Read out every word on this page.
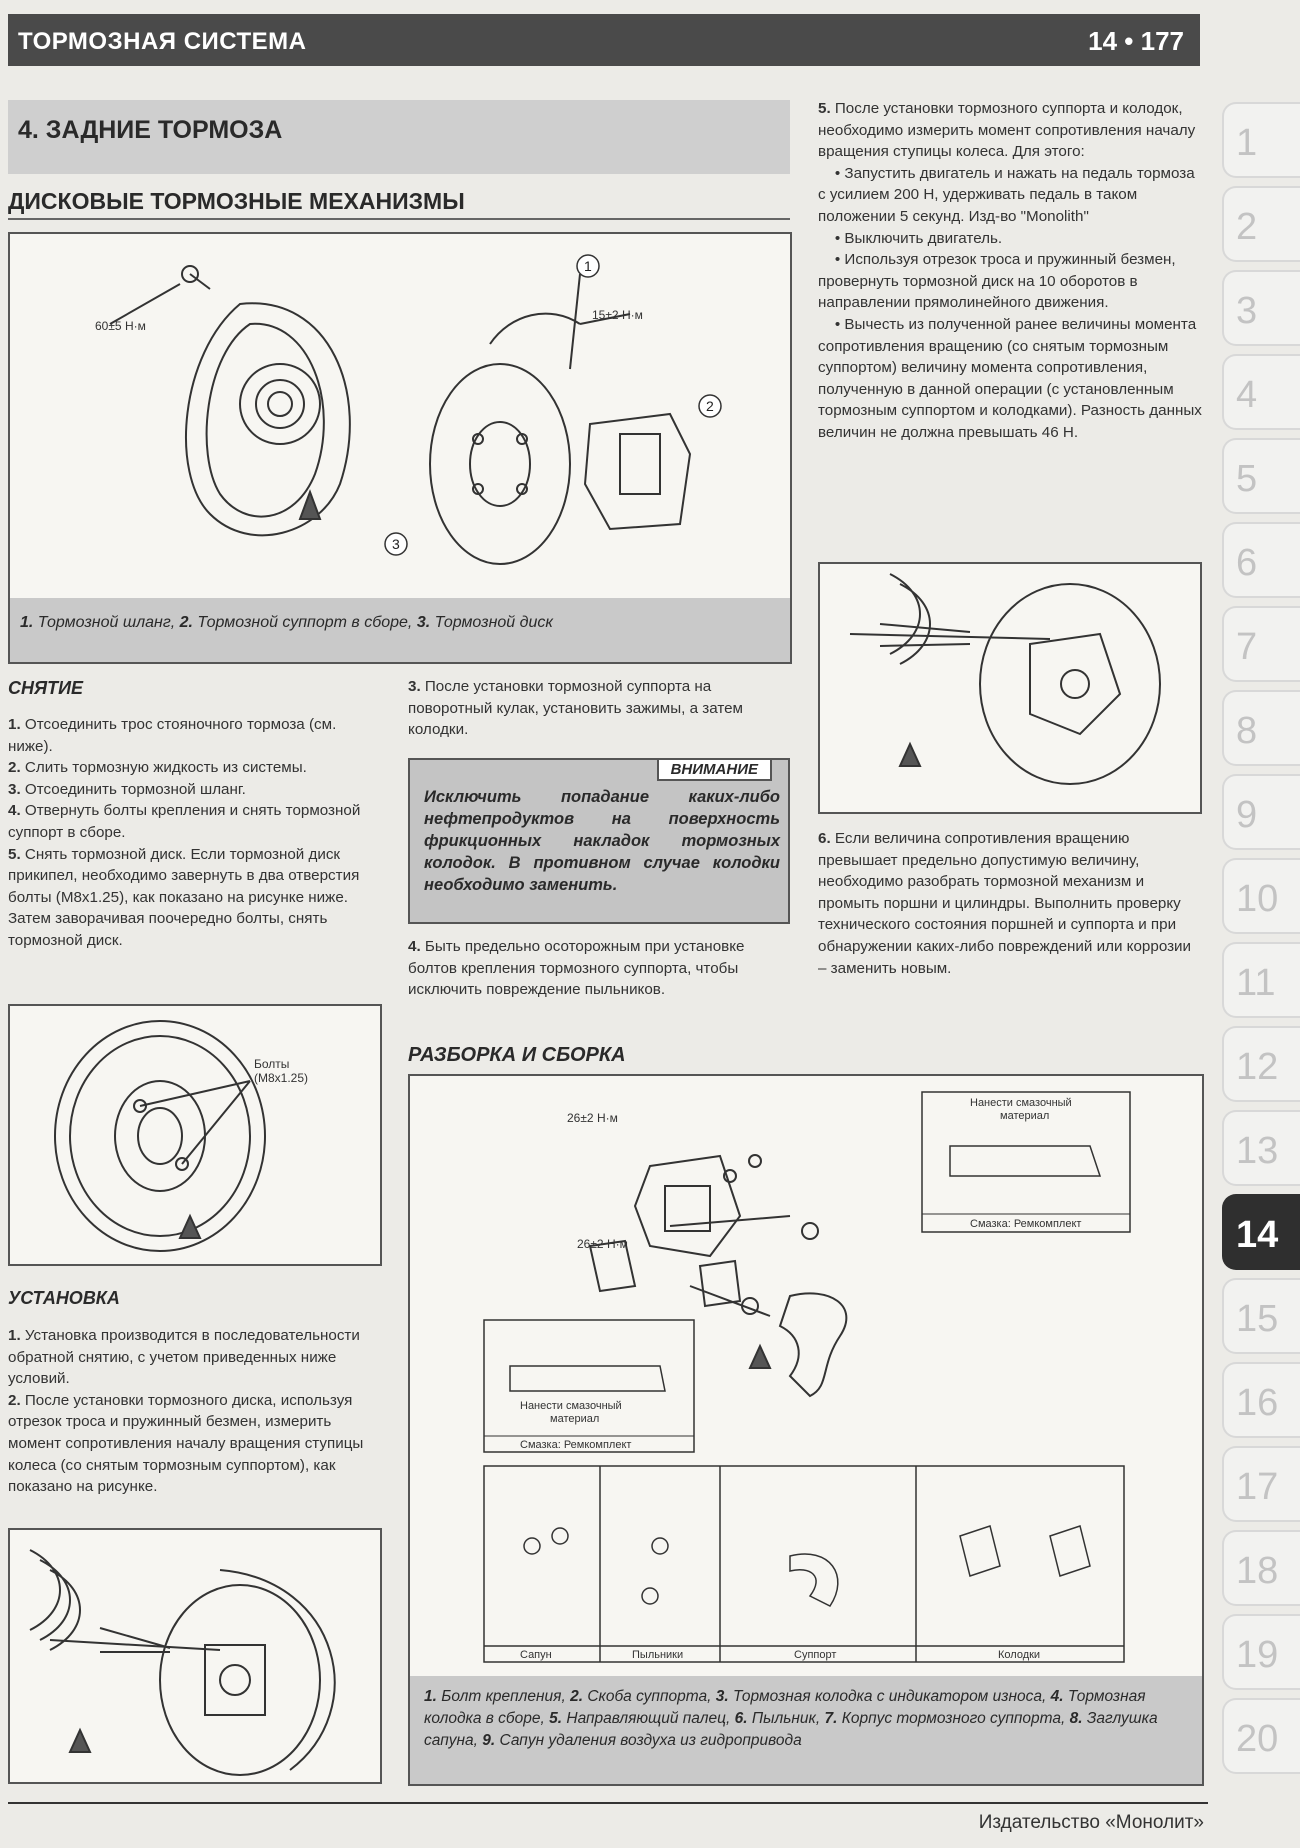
ТОРМОЗНАЯ СИСТЕМА	14 • 177
4. ЗАДНИЕ ТОРМОЗА
ДИСКОВЫЕ ТОРМОЗНЫЕ МЕХАНИЗМЫ
60±5 Н·м
15±2 Н·м
1
2
3
1. Тормозной шланг, 2. Тормозной суппорт в сборе, 3. Тормозной диск
СНЯТИЕ

1. Отсоединить трос стояночного тормоза (см. ниже).

2. Слить тормозную жидкость из системы.

3. Отсоединить тормозной шланг.

4. Отвернуть болты крепления и снять тормозной суппорт в сборе.

5. Снять тормозной диск. Если тормозной диск прикипел, необходимо завернуть в два отверстия болты (M8x1.25), как показано на рисунке ниже. Затем заворачивая поочередно болты, снять тормозной диск.

Болты
(M8x1.25)
УСТАНОВКА

1. Установка производится в последовательности обратной снятию, с учетом приведенных ниже условий.

2. После установки тормозного диска, используя отрезок троса и пружинный безмен, измерить момент сопротивления началу вращения ступицы колеса (со снятым тормозным суппортом), как показано на рисунке.

3. После установки тормозной суппорта на поворотный кулак, установить зажимы, а затем колодки.

ВНИМАНИЕ
Исключить попадание каких-либо нефтепродуктов на поверхность фрикционных накладок тормозных колодок. В противном случае колодки необходимо заменить.

4. Быть предельно осоторожным при установке болтов крепления тормозного суппорта, чтобы исключить повреждение пыльников.

5. После установки тормозного суппорта и колодок, необходимо измерить момент сопротивления началу вращения ступицы колеса. Для этого:

• Запустить двигатель и нажать на педаль тормоза с усилием 200 Н, удерживать педаль в таком положении 5 секунд. Изд-во "Monolith"

• Выключить двигатель.

• Используя отрезок троса и пружинный безмен, провернуть тормозной диск на 10 оборотов в направлении прямолинейного движения.

• Вычесть из полученной ранее величины момента сопротивления вращению (со снятым тормозным суппортом) величину момента сопротивления, полученную в данной операции (с установленным тормозным суппортом и колодками). Разность данных величин не должна превышать 46 Н.

6. Если величина сопротивления вращению превышает предельно допустимую величину, необходимо разобрать тормозной механизм и промыть поршни и цилиндры. Выполнить проверку технического состояния поршней и суппорта и при обнаружении каких-либо повреждений или коррозии – заменить новым.

РАЗБОРКА И СБОРКА
26±2 Н·м
26±2 Н·м
Нанести смазочный
материал
Смазка: Ремкомплект
Нанести смазочный
материал
Смазка: Ремкомплект
Сапун	Пыльники	Суппорт	Колодки
1. Болт крепления, 2. Скоба суппорта, 3. Тормозная колодка с индикатором износа, 4. Тормозная колодка в сборе, 5. Направляющий палец, 6. Пыльник, 7. Корпус тормозного суппорта, 8. Заглушка сапуна, 9. Сапун удаления воздуха из гидропривода
1
2
3
4
5
6
7
8
9
10
11
12
13
14
15
16
17
18
19
20
Издательство «Монолит»
